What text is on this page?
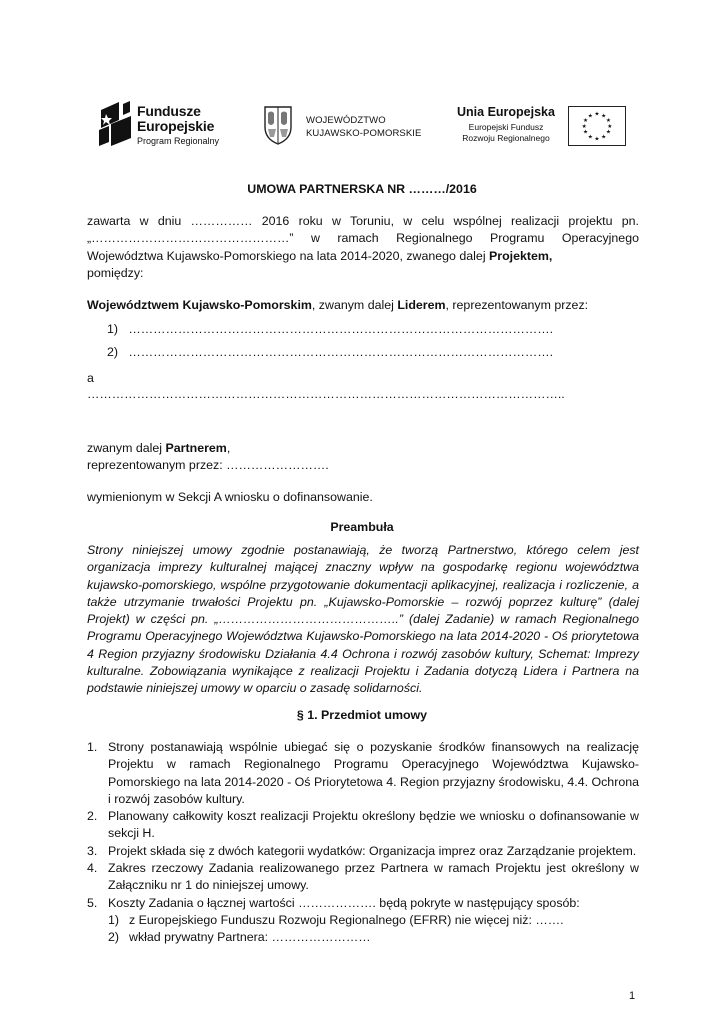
Fundusze
Europejskie
Program Regionalny
WOJEWÓDZTWO
KUJAWSKO-POMORSKIE
Unia Europejska
Europejski Fundusz
Rozwoju Regionalnego
★ ★
★
★
★
★
★
★
★
★
★
★
UMOWA PARTNERSKA NR ………/2016
zawarta w dniu …………… 2016 roku w Toruniu, w celu wspólnej realizacji projektu pn. „…………………………………………” w ramach Regionalnego Programu Operacyjnego Województwa Kujawsko-Pomorskiego na lata 2014-2020, zwanego dalej Projektem,
pomiędzy:
Województwem Kujawsko-Pomorskim, zwanym dalej Liderem, reprezentowanym przez:
1) ………………………………………………………………………………………….
2) ………………………………………………………………………………………….
a
……………………………………………………………………………………………………..
zwanym dalej Partnerem,
reprezentowanym przez: …………………….
wymienionym w Sekcji A wniosku o dofinansowanie.
Preambuła
Strony niniejszej umowy zgodnie postanawiają, że tworzą Partnerstwo, którego celem jest organizacja imprezy kulturalnej mającej znaczny wpływ na gospodarkę regionu województwa kujawsko-pomorskiego, wspólne przygotowanie dokumentacji aplikacyjnej, realizacja i rozliczenie, a także utrzymanie trwałości Projektu pn. „Kujawsko-Pomorskie – rozwój poprzez kulturę” (dalej Projekt) w części pn. „……………………………………..” (dalej Zadanie) w ramach Regionalnego Programu Operacyjnego Województwa Kujawsko-Pomorskiego na lata 2014-2020 - Oś priorytetowa 4 Region przyjazny środowisku Działania 4.4 Ochrona i rozwój zasobów kultury, Schemat: Imprezy kulturalne. Zobowiązania wynikające z realizacji Projektu i Zadania dotyczą Lidera i Partnera na podstawie niniejszej umowy w oparciu o zasadę solidarności.
§ 1. Przedmiot umowy
1. Strony postanawiają wspólnie ubiegać się o pozyskanie środków finansowych na realizację Projektu w ramach Regionalnego Programu Operacyjnego Województwa Kujawsko-Pomorskiego na lata 2014-2020 - Oś Priorytetowa 4. Region przyjazny środowisku, 4.4. Ochrona i rozwój zasobów kultury.
2. Planowany całkowity koszt realizacji Projektu określony będzie we wniosku o dofinansowanie w sekcji H.
3. Projekt składa się z dwóch kategorii wydatków: Organizacja imprez oraz Zarządzanie projektem.
4. Zakres rzeczowy Zadania realizowanego przez Partnera w ramach Projektu jest określony w Załączniku nr 1 do niniejszej umowy.
5. Koszty Zadania o łącznej wartości ………………. będą pokryte w następujący sposób:
1) z Europejskiego Funduszu Rozwoju Regionalnego (EFRR) nie więcej niż: …….
2) wkład prywatny Partnera: ……………………
1
